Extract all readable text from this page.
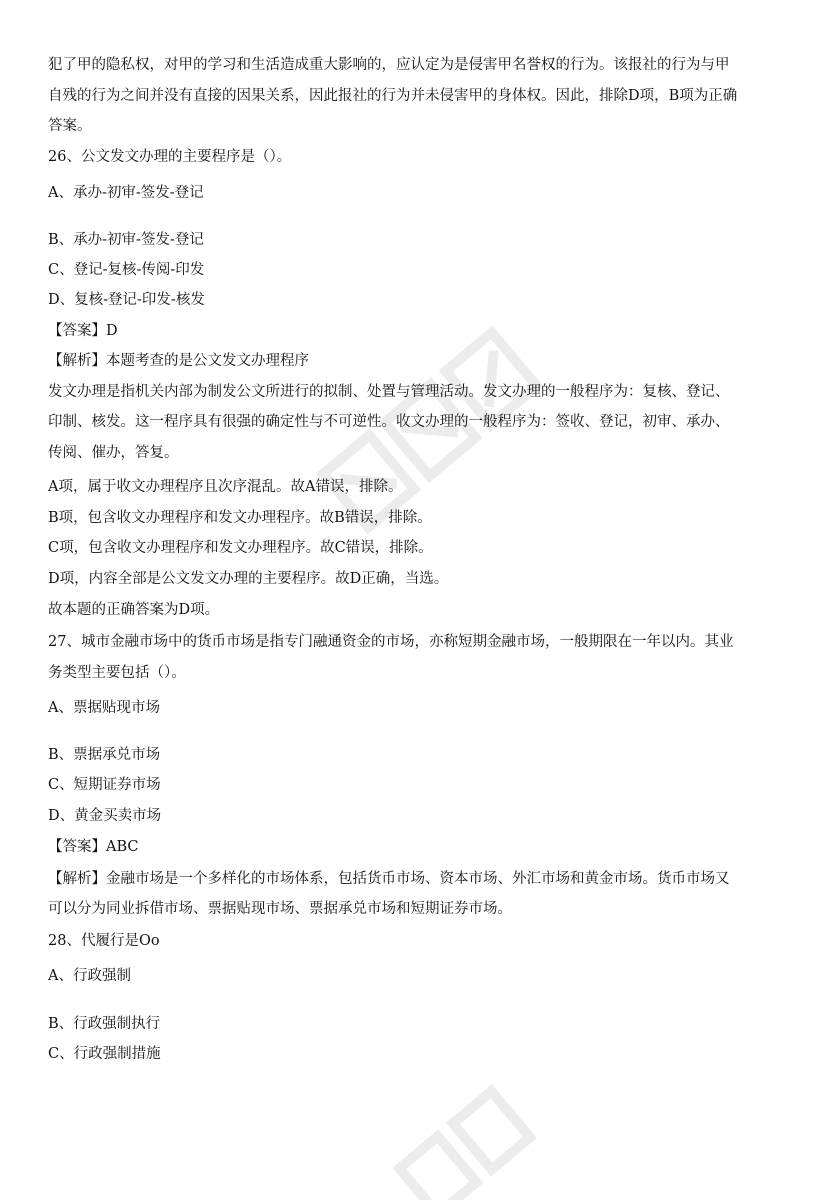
犯了甲的隐私权，对甲的学习和生活造成重大影响的，应认定为是侵害甲名誉权的行为。该报社的行为与甲
自残的行为之间并没有直接的因果关系，因此报社的行为并未侵害甲的身体权。因此，排除D项，B项为正确
答案。
26、公文发文办理的主要程序是（）。
A、承办-初审-签发-登记
B、承办-初审-签发-登记
C、登记-复核-传阅-印发
D、复核-登记-印发-核发
【答案】D
【解析】本题考查的是公文发文办理程序
发文办理是指机关内部为制发公文所进行的拟制、处置与管理活动。发文办理的一般程序为：复核、登记、
印制、核发。这一程序具有很强的确定性与不可逆性。收文办理的一般程序为：签收、登记，初审、承办、
传阅、催办，答复。
A项，属于收文办理程序且次序混乱。故A错误，排除。
B项，包含收文办理程序和发文办理程序。故B错误，排除。
C项，包含收文办理程序和发文办理程序。故C错误，排除。
D项，内容全部是公文发文办理的主要程序。故D正确，当选。
故本题的正确答案为D项。
27、城市金融市场中的货币市场是指专门融通资金的市场，亦称短期金融市场，一般期限在一年以内。其业
务类型主要包括（）。
A、票据贴现市场
B、票据承兑市场
C、短期证券市场
D、黄金买卖市场
【答案】ABC
【解析】金融市场是一个多样化的市场体系，包括货币市场、资本市场、外汇市场和黄金市场。货币市场又
可以分为同业拆借市场、票据贴现市场、票据承兑市场和短期证券市场。
28、代履行是Oo
A、行政强制
B、行政强制执行
C、行政强制措施
